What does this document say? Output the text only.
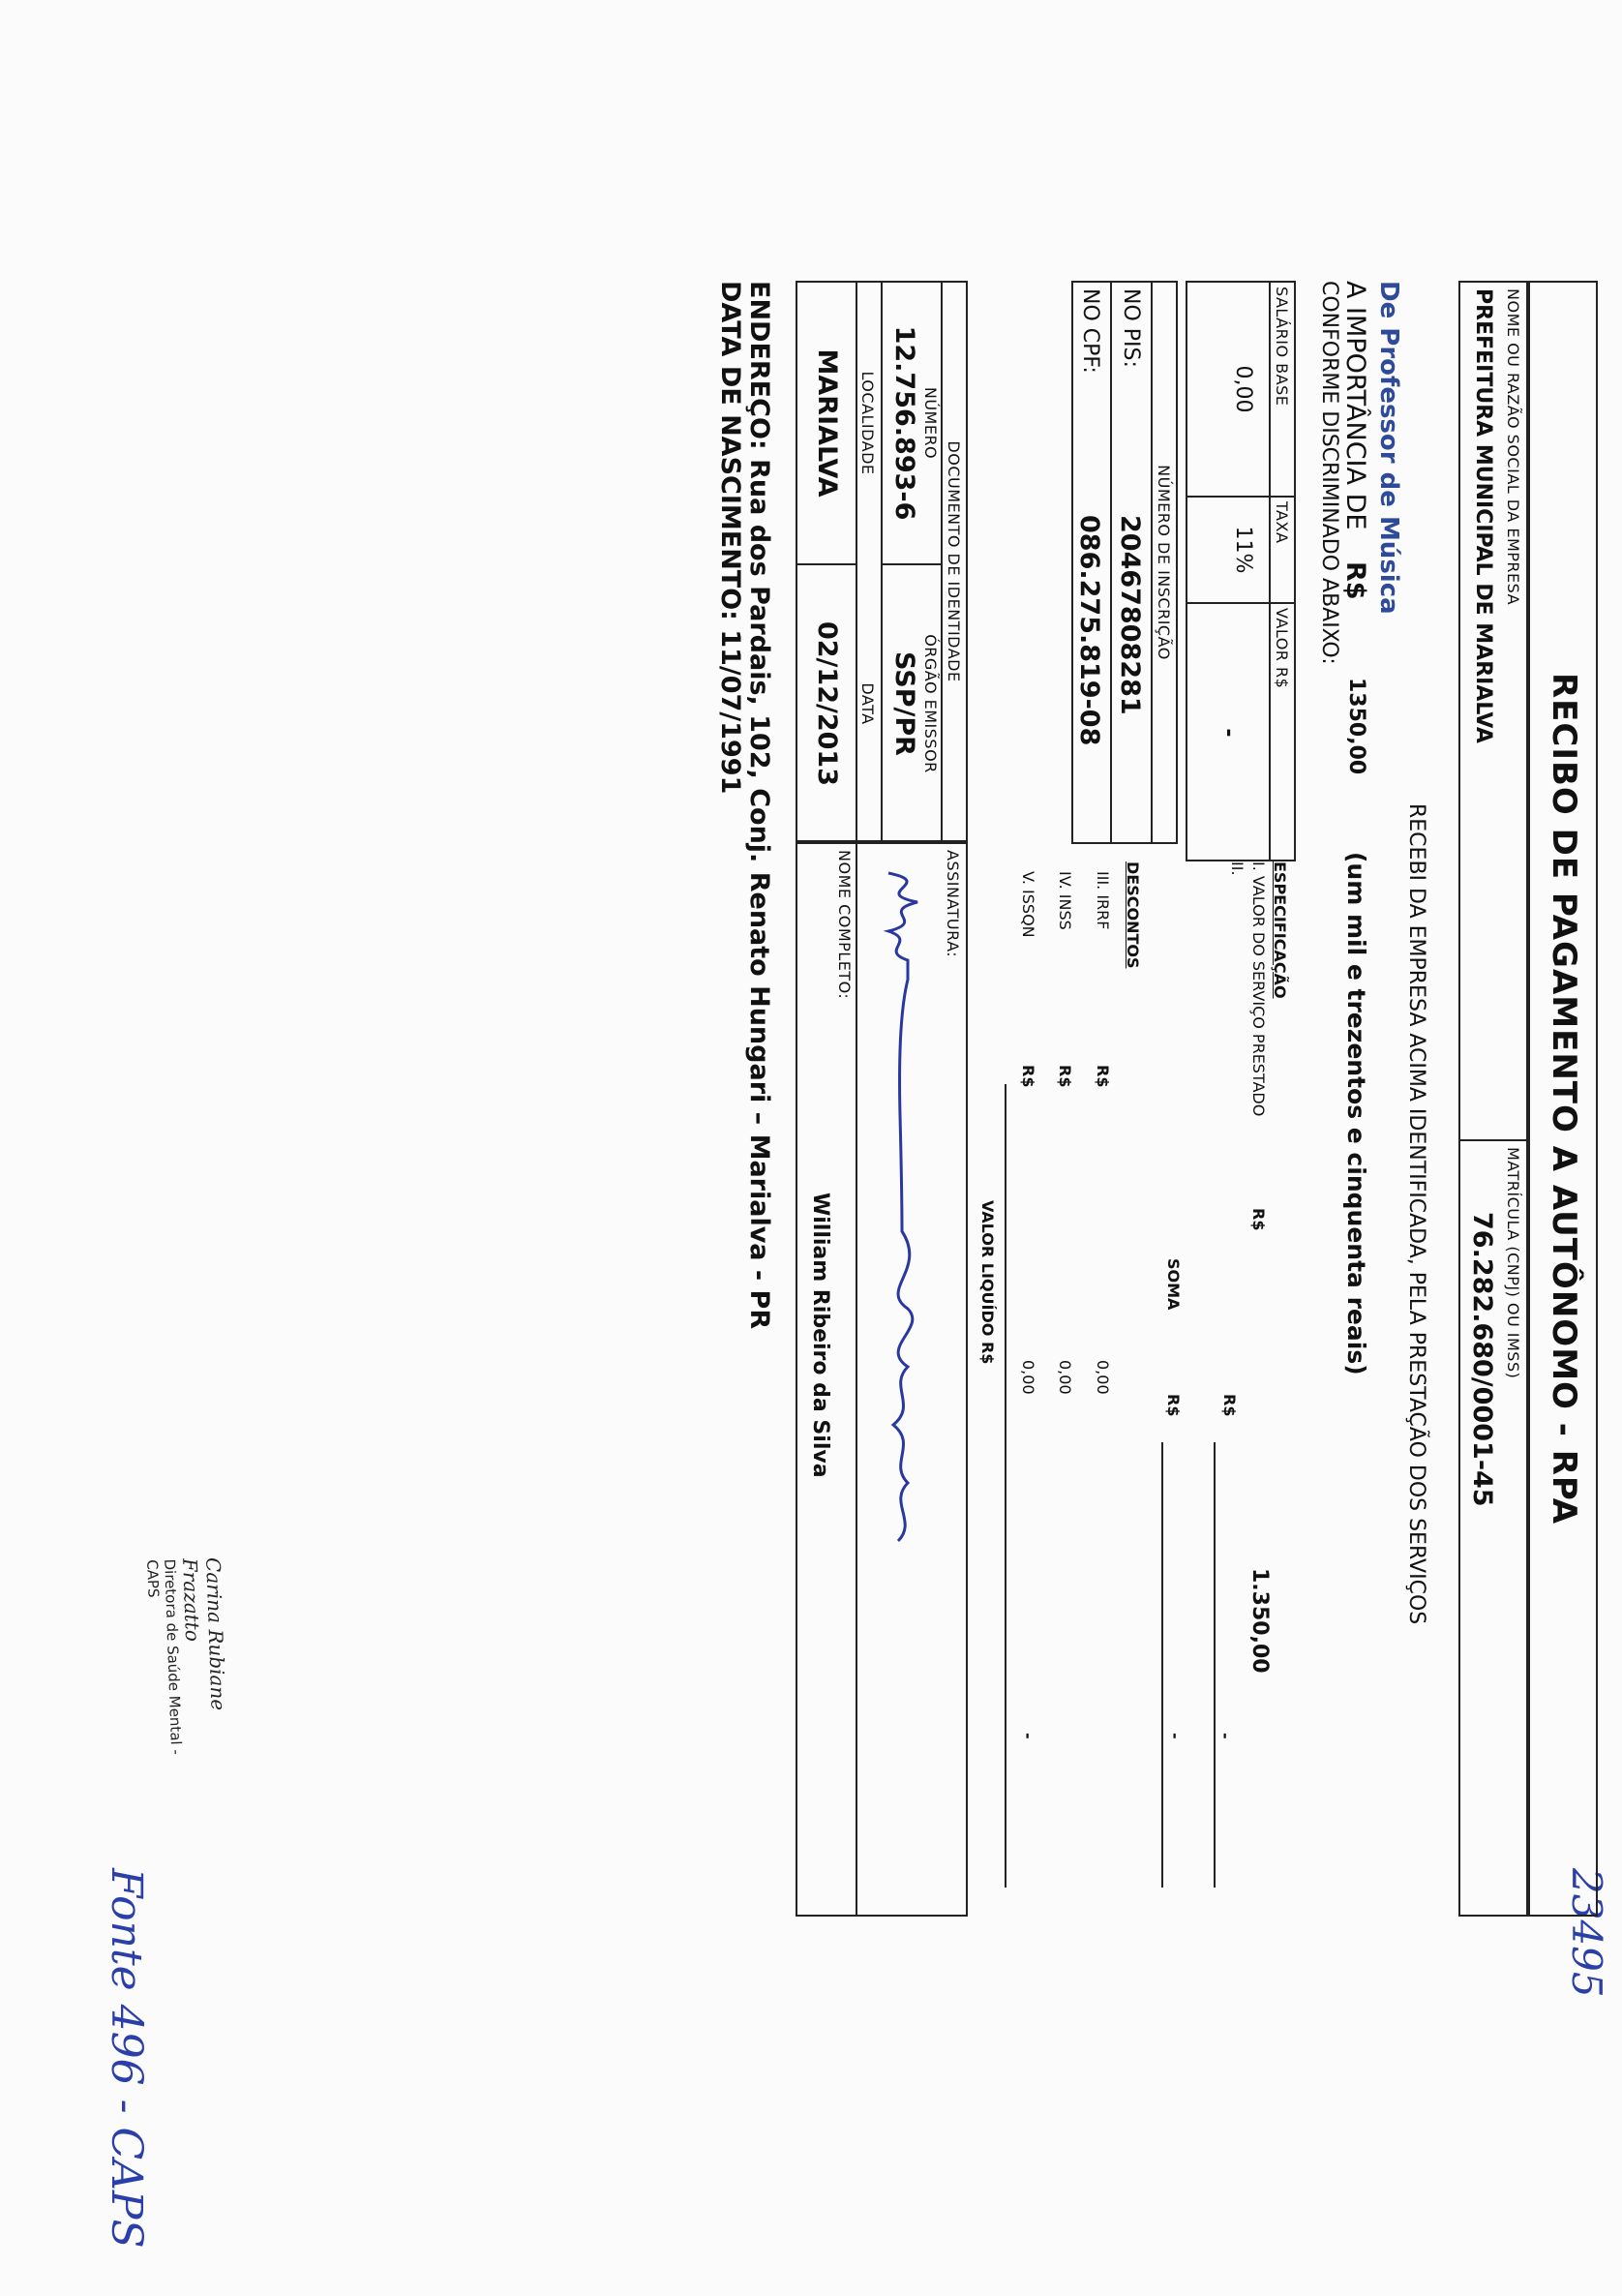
23495
RECIBO DE PAGAMENTO A AUTÔNOMO - RPA
NOME OU RAZÃO SOCIAL DA EMPRESA
PREFEITURA MUNICIPAL DE MARIALVA
MATRÍCULA (CNPJ) OU IMSS)
76.282.680/0001-45
RECEBI DA EMPRESA ACIMA IDENTIFICADA, PELA PRESTAÇÃO DOS SERVIÇOS
De Professor de Música
A IMPORTÂNCIA DE
R$
1350,00
(um mil e trezentos e cinquenta reais)
CONFORME DISCRIMINADO ABAIXO:
SALÁRIO BASE
TAXA
VALOR R$
0,00
11%
-
ESPECIFICAÇÃO
I. VALOR DO SERVIÇO PRESTADO
R$
1.350,00
II.
R$
-
NÚMERO DE INSCRIÇÃO
NO PIS:
20467808281
NO CPF:
086.275.819-08
SOMA
R$
-
DESCONTOS
III. IRRF
R$
0,00
IV. INSS
R$
0,00
V. ISSQN
R$
0,00
-
VALOR LIQUÍDO R$
DOCUMENTO DE IDENTIDADE
NÚMERO
12.756.893-6
ÓRGÃO EMISSOR
SSP/PR
LOCALIDADE
MARIALVA
DATA
02/12/2013
ASSINATURA:
NOME COMPLETO:
William Ribeiro da Silva
ENDEREÇO: Rua dos Pardais, 102, Conj. Renato Hungari – Marialva - PR
DATA DE NASCIMENTO: 11/07/1991
Carina Rubiane Frazatto
Diretora de Saúde Mental - CAPS
Fonte 496 - CAPS
